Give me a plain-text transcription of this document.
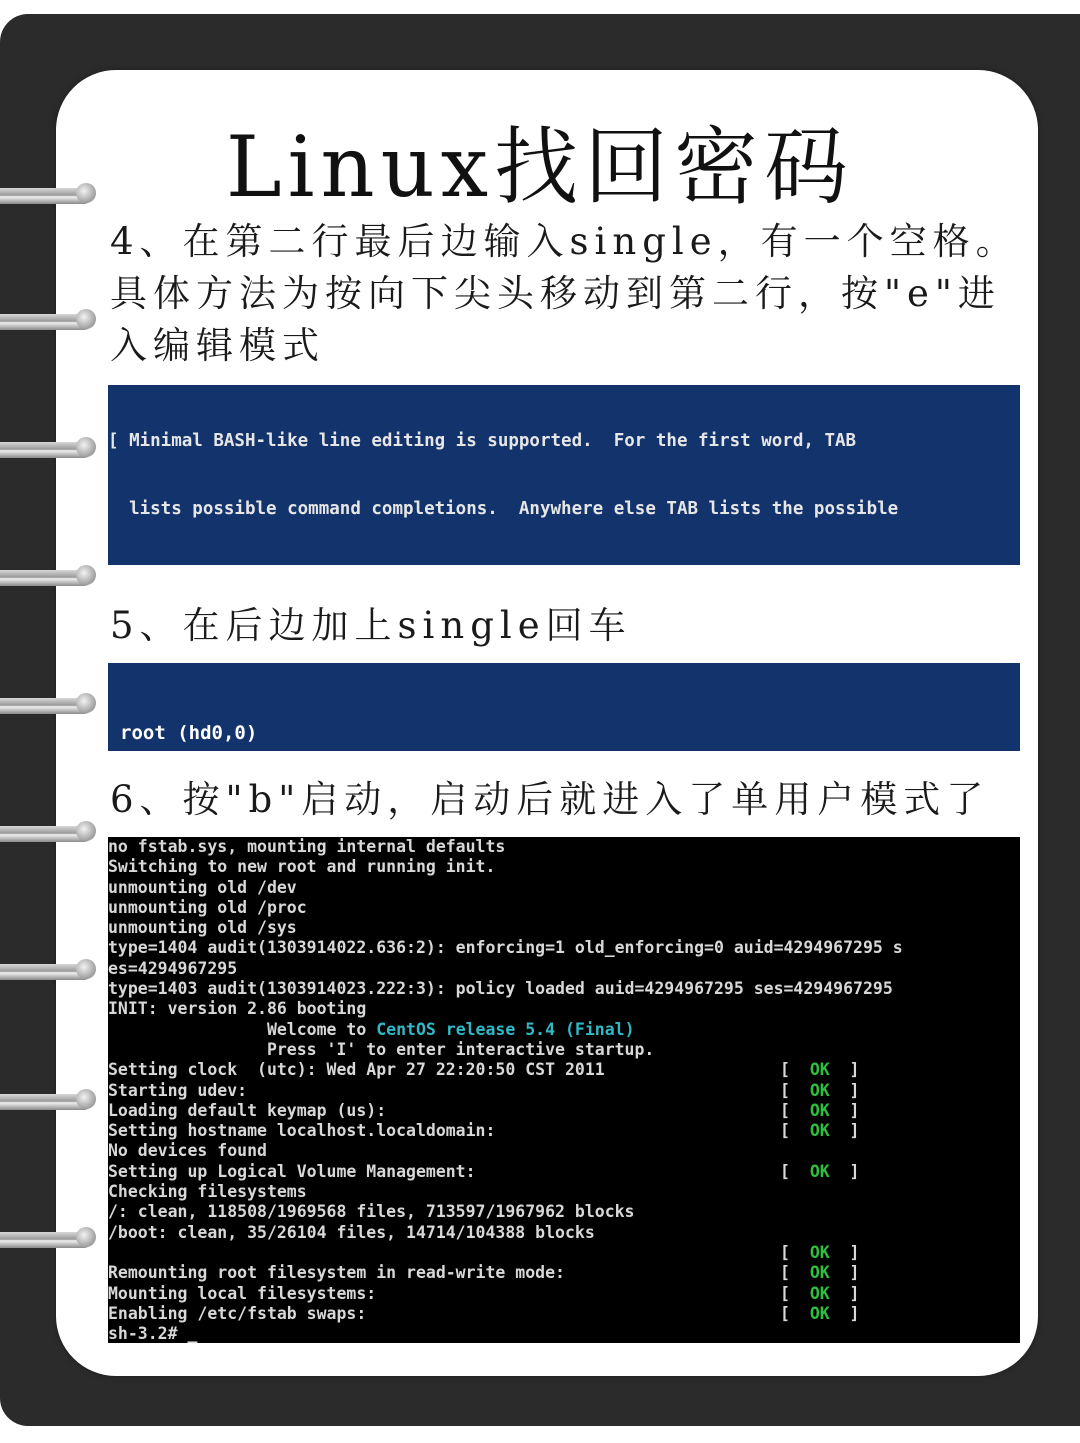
Linux找回密码
4、在第二行最后边输入single，有一个空格。
具体方法为按向下尖头移动到第二行，按"e"进
入编辑模式

[ Minimal BASH-like line editing is supported.  For the first word, TAB

lists possible command completions.  Anywhere else TAB lists the possible

5、在后边加上single回车

root (hd0,0)

6、按"b"启动，启动后就进入了单用户模式了
no fstab.sys, mounting internal defaults
Switching to new root and running init.
unmounting old /dev
unmounting old /proc
unmounting old /sys
type=1404 audit(1303914022.636:2): enforcing=1 old_enforcing=0 auid=4294967295 s
es=4294967295
type=1403 audit(1303914023.222:3): policy loaded auid=4294967295 ses=4294967295
INIT: version 2.86 booting
Welcome to CentOS release 5.4 (Final)
Press 'I' to enter interactive startup.
Setting clock  (utc): Wed Apr 27 22:20:50 CST 2011	[  OK  ]
Starting udev:	[  OK  ]
Loading default keymap (us):	[  OK  ]
Setting hostname localhost.localdomain:	[  OK  ]
No devices found
Setting up Logical Volume Management:	[  OK  ]
Checking filesystems
/: clean, 118508/1969568 files, 713597/1967962 blocks
/boot: clean, 35/26104 files, 14714/104388 blocks
[  OK  ]
Remounting root filesystem in read-write mode:	[  OK  ]
Mounting local filesystems:	[  OK  ]
Enabling /etc/fstab swaps:	[  OK  ]
sh-3.2# _
